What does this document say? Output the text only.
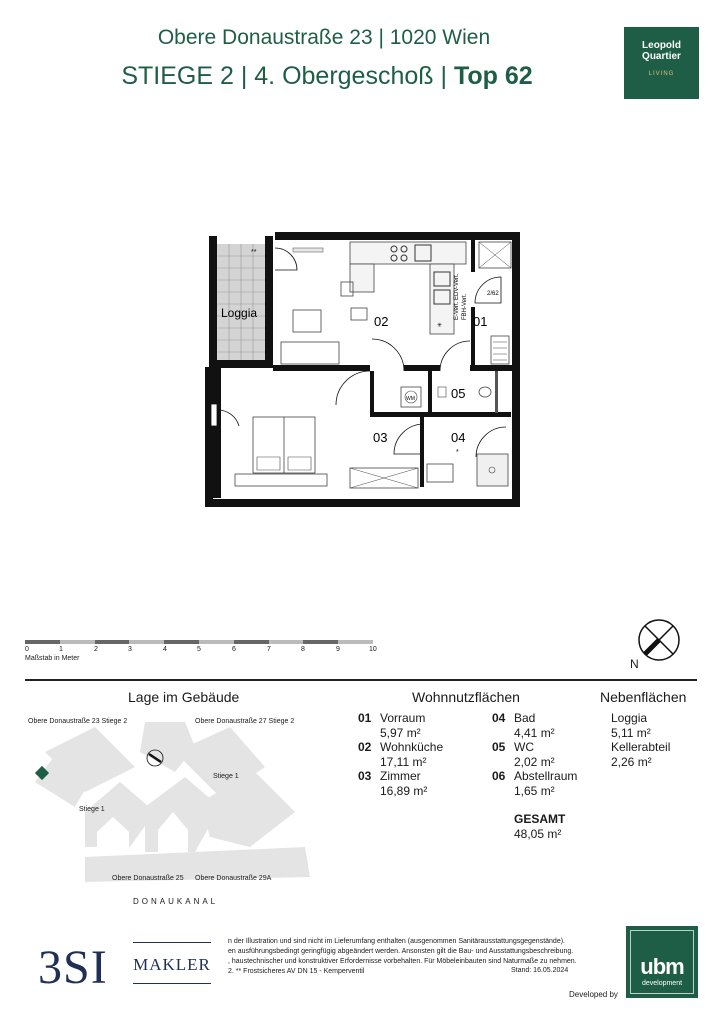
Obere Donaustraße 23 | 1020 Wien
STIEGE 2 | 4. Obergeschoß | Top 62
Leopold
Quartier
LIVING
Loggia
**
✳
E-Vert. EDV-Vert. FBH-Vert.	2/62
02	01
WM	05
03	04
*
0	1	2	3	4	5	6	7	8	9	10
Maßstab in Meter	N
Lage im Gebäude	Wohnnutzflächen	Nebenflächen
01 Vorraum
5,97 m²
02 Wohnküche
17,11 m²
03 Zimmer
16,89 m²
04 Bad
4,41 m²
05 WC
2,02 m²
06 Abstellraum
1,65 m²
GESAMT
48,05 m²
Loggia
5,11 m²
Kellerabteil
2,26 m²
Obere Donaustraße 23 Stiege 2	Obere Donaustraße 27 Stiege 2
Stiege 1
Stiege 1
Obere Donaustraße 25 Obere Donaustraße 29A
DONAUKANAL
3SI MAKLER
n der Illustration und sind nicht im Lieferumfang enthalten (ausgenommen Sanitärausstattungsgegenstände).
en ausführungsbedingt geringfügig abgeändert werden. Ansonsten gilt die Bau- und Ausstattungsbeschreibung.
, haustechnischer und konstruktiver Erfordernisse vorbehalten. Für Möbeleinbauten sind Naturmaße zu nehmen.
2. ** Frostsicheres AV DN 15 - Kemperventil	Stand: 16.05.2024
Developed by
ubm
development
